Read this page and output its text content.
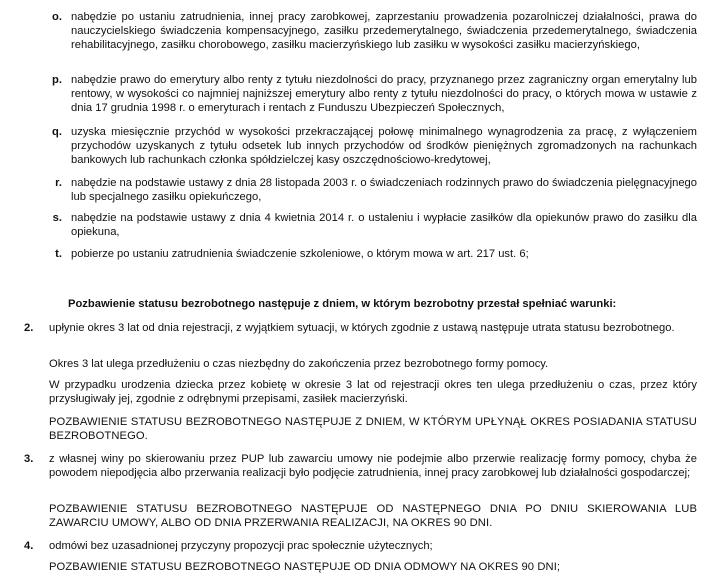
o. nabędzie po ustaniu zatrudnienia, innej pracy zarobkowej, zaprzestaniu prowadzenia pozarolniczej działalności, prawa do nauczycielskiego świadczenia kompensacyjnego, zasiłku przedemerytalnego, świadczenia przedemerytalnego, świadczenia rehabilitacyjnego, zasiłku chorobowego, zasiłku macierzyńskiego lub zasiłku w wysokości zasiłku macierzyńskiego,
p. nabędzie prawo do emerytury albo renty z tytułu niezdolności do pracy, przyznanego przez zagraniczny organ emerytalny lub rentowy, w wysokości co najmniej najniższej emerytury albo renty z tytułu niezdolności do pracy, o których mowa w ustawie z dnia 17 grudnia 1998 r. o emeryturach i rentach z Funduszu Ubezpieczeń Społecznych,
q. uzyska miesięcznie przychód w wysokości przekraczającej połowę minimalnego wynagrodzenia za pracę, z wyłączeniem przychodów uzyskanych z tytułu odsetek lub innych przychodów od środków pieniężnych zgromadzonych na rachunkach bankowych lub rachunkach członka spółdzielczej kasy oszczędnościowo-kredytowej,
r. nabędzie na podstawie ustawy z dnia 28 listopada 2003 r. o świadczeniach rodzinnych prawo do świadczenia pielęgnacyjnego lub specjalnego zasiłku opiekuńczego,
s. nabędzie na podstawie ustawy z dnia 4 kwietnia 2014 r. o ustaleniu i wypłacie zasiłków dla opiekunów prawo do zasiłku dla opiekuna,
t. pobierze po ustaniu zatrudnienia świadczenie szkoleniowe, o którym mowa w art. 217 ust. 6;
Pozbawienie statusu bezrobotnego następuje z dniem, w którym bezrobotny przestał spełniać warunki:
2.	upłynie okres 3 lat od dnia rejestracji, z wyjątkiem sytuacji, w których zgodnie z ustawą następuje utrata statusu bezrobotnego.
Okres 3 lat ulega przedłużeniu o czas niezbędny do zakończenia przez bezrobotnego formy pomocy.
W przypadku urodzenia dziecka przez kobietę w okresie 3 lat od rejestracji okres ten ulega przedłużeniu o czas, przez który przysługiwały jej, zgodnie z odrębnymi przepisami, zasiłek macierzyński.
POZBAWIENIE STATUSU BEZROBOTNEGO NASTĘPUJE Z DNIEM, W KTÓRYM UPŁYNĄŁ OKRES POSIADANIA STATUSU BEZROBOTNEGO.
3.	z własnej winy po skierowaniu przez PUP lub zawarciu umowy nie podejmie albo przerwie realizację formy pomocy, chyba że powodem niepodjęcia albo przerwania realizacji było podjęcie zatrudnienia, innej pracy zarobkowej lub działalności gospodarczej;
POZBAWIENIE STATUSU BEZROBOTNEGO NASTĘPUJE OD NASTĘPNEGO DNIA PO DNIU SKIEROWANIA LUB ZAWARCIU UMOWY, ALBO OD DNIA PRZERWANIA REALIZACJI, NA OKRES 90 DNI.
4.	odmówi bez uzasadnionej przyczyny propozycji prac społecznie użytecznych;
POZBAWIENIE STATUSU BEZROBOTNEGO NASTĘPUJE OD DNIA ODMOWY NA OKRES 90 DNI;
